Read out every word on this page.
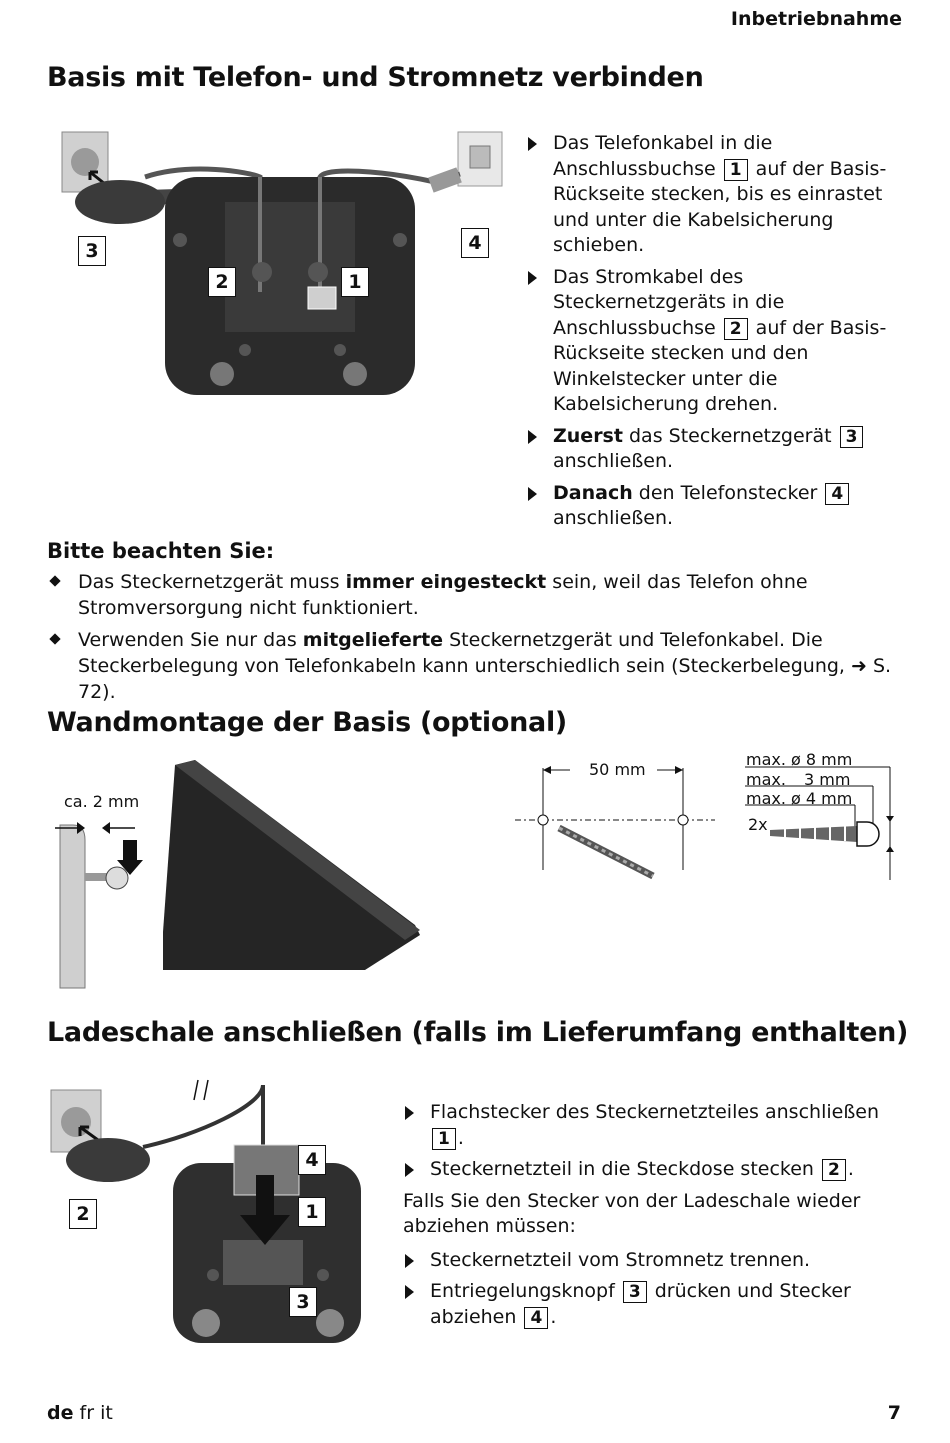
Inbetriebnahme
Basis mit Telefon- und Stromnetz verbinden
3
2	1
4
Das Telefonkabel in die Anschlussbuchse 1 auf der Basis-Rückseite stecken, bis es einrastet und unter die Kabelsicherung schieben.
Das Stromkabel des Steckernetzgeräts in die Anschlussbuchse 2 auf der Basis-Rückseite stecken und den Winkelstecker unter die Kabelsicherung drehen.
Zuerst das Steckernetzgerät 3 anschließen.
Danach den Telefonstecker 4 anschließen.
Bitte beachten Sie:
Das Steckernetzgerät muss immer eingesteckt sein, weil das Telefon ohne Stromversorgung nicht funktioniert.
Verwenden Sie nur das mitgelieferte Steckernetzgerät und Telefonkabel. Die Steckerbelegung von Telefonkabeln kann unterschiedlich sein (Steckerbelegung, ➜ S. 72).
Wandmontage der Basis (optional)
ca. 2 mm
50 mm
max. ø 8 mm
max. 3 mm
max. ø 4 mm
2x
Ladeschale anschließen (falls im Lieferumfang enthalten)
2
4
1
3
Flachstecker des Steckernetzteiles anschließen 1 .
Steckernetzteil in die Steckdose stecken 2 .

Falls Sie den Stecker von der Ladeschale wieder abziehen müssen:

Steckernetzteil vom Stromnetz trennen.
Entriegelungsknopf 3 drücken und Stecker abziehen 4 .
de fr it	7
